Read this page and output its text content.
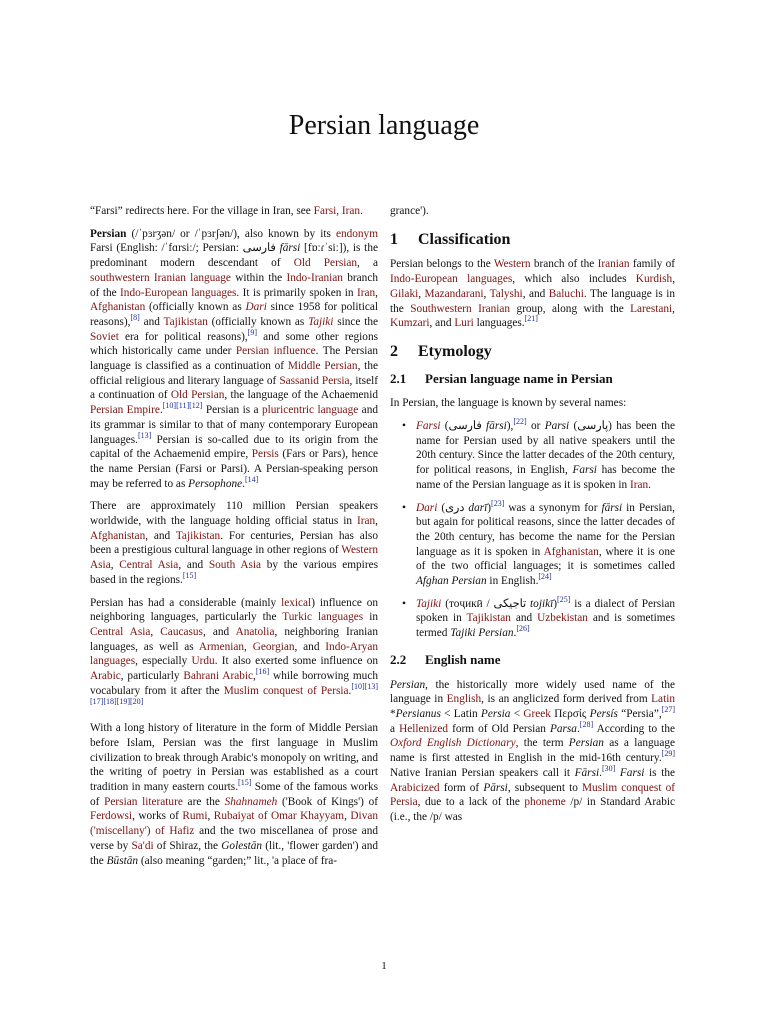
Persian language

“Farsi” redirects here. For the village in Iran, see Farsi, Iran.

Persian (/ˈpɜrʒən/ or /ˈpɜrʃən/), also known by its endonym Farsi (English: /ˈfɑrsiː/; Persian: فارسی fārsi [fɒːɾˈsiː]), is the predominant modern descendant of Old Persian, a southwestern Iranian language within the Indo-Iranian branch of the Indo-European languages. It is primarily spoken in Iran, Afghanistan (officially known as Dari since 1958 for political reasons),[8] and Tajikistan (officially known as Tajiki since the Soviet era for political reasons),[9] and some other regions which historically came under Persian influence. The Persian language is classified as a continuation of Middle Persian, the official religious and literary language of Sassanid Persia, itself a continuation of Old Persian, the language of the Achaemenid Persian Empire.[10][11][12] Persian is a pluricentric language and its grammar is similar to that of many contemporary European languages.[13] Persian is so-called due to its origin from the capital of the Achaemenid empire, Persis (Fars or Pars), hence the name Persian (Farsi or Parsi). A Persian-speaking person may be referred to as Persophone.[14]

There are approximately 110 million Persian speakers worldwide, with the language holding official status in Iran, Afghanistan, and Tajikistan. For centuries, Persian has also been a prestigious cultural language in other regions of Western Asia, Central Asia, and South Asia by the various empires based in the regions.[15]

Persian has had a considerable (mainly lexical) influence on neighboring languages, particularly the Turkic languages in Central Asia, Caucasus, and Anatolia, neighboring Iranian languages, as well as Armenian, Georgian, and Indo-Aryan languages, especially Urdu. It also exerted some influence on Arabic, particularly Bahrani Arabic,[16] while borrowing much vocabulary from it after the Muslim conquest of Persia.[10][13][17][18][19][20]

With a long history of literature in the form of Middle Persian before Islam, Persian was the first language in Muslim civilization to break through Arabic's monopoly on writing, and the writing of poetry in Persian was established as a court tradition in many eastern courts.[15] Some of the famous works of Persian literature are the Shahnameh ('Book of Kings') of Ferdowsi, works of Rumi, Rubaiyat of Omar Khayyam, Divan ('miscellany') of Hafiz and the two miscellanea of prose and verse by Sa'di of Shiraz, the Golestān (lit., 'flower garden') and the Būstān (also meaning “garden;” lit., 'a place of fra-

grance').

1 Classification

Persian belongs to the Western branch of the Iranian family of Indo-European languages, which also includes Kurdish, Gilaki, Mazandarani, Talyshi, and Baluchi. The language is in the Southwestern Iranian group, along with the Larestani, Kumzari, and Luri languages.[21]

2 Etymology
2.1 Persian language name in Persian

In Persian, the language is known by several names:

• Farsi (فارسی fārsi),[22] or Parsi (پارسی) has been the name for Persian used by all native speakers until the 20th century. Since the latter decades of the 20th century, for political reasons, in English, Farsi has become the name of the Persian language as it is spoken in Iran.
• Dari (دری darī)[23] was a synonym for fārsi in Persian, but again for political reasons, since the latter decades of the 20th century, has become the name for the Persian language as it is spoken in Afghanistan, where it is one of the two official languages; it is sometimes called Afghan Persian in English.[24]
• Tajiki (тоҷикӣ / تاجیکی tojikī)[25] is a dialect of Persian spoken in Tajikistan and Uzbekistan and is sometimes termed Tajiki Persian.[26]
2.2 English name

Persian, the historically more widely used name of the language in English, is an anglicized form derived from Latin *Persianus < Latin Persia < Greek Περσίς Persís “Persia”,[27] a Hellenized form of Old Persian Parsa.[28] According to the Oxford English Dictionary, the term Persian as a language name is first attested in English in the mid-16th century.[29] Native Iranian Persian speakers call it Fārsi.[30] Farsi is the Arabicized form of Pārsi, subsequent to Muslim conquest of Persia, due to a lack of the phoneme /p/ in Standard Arabic (i.e., the /p/ was

1
